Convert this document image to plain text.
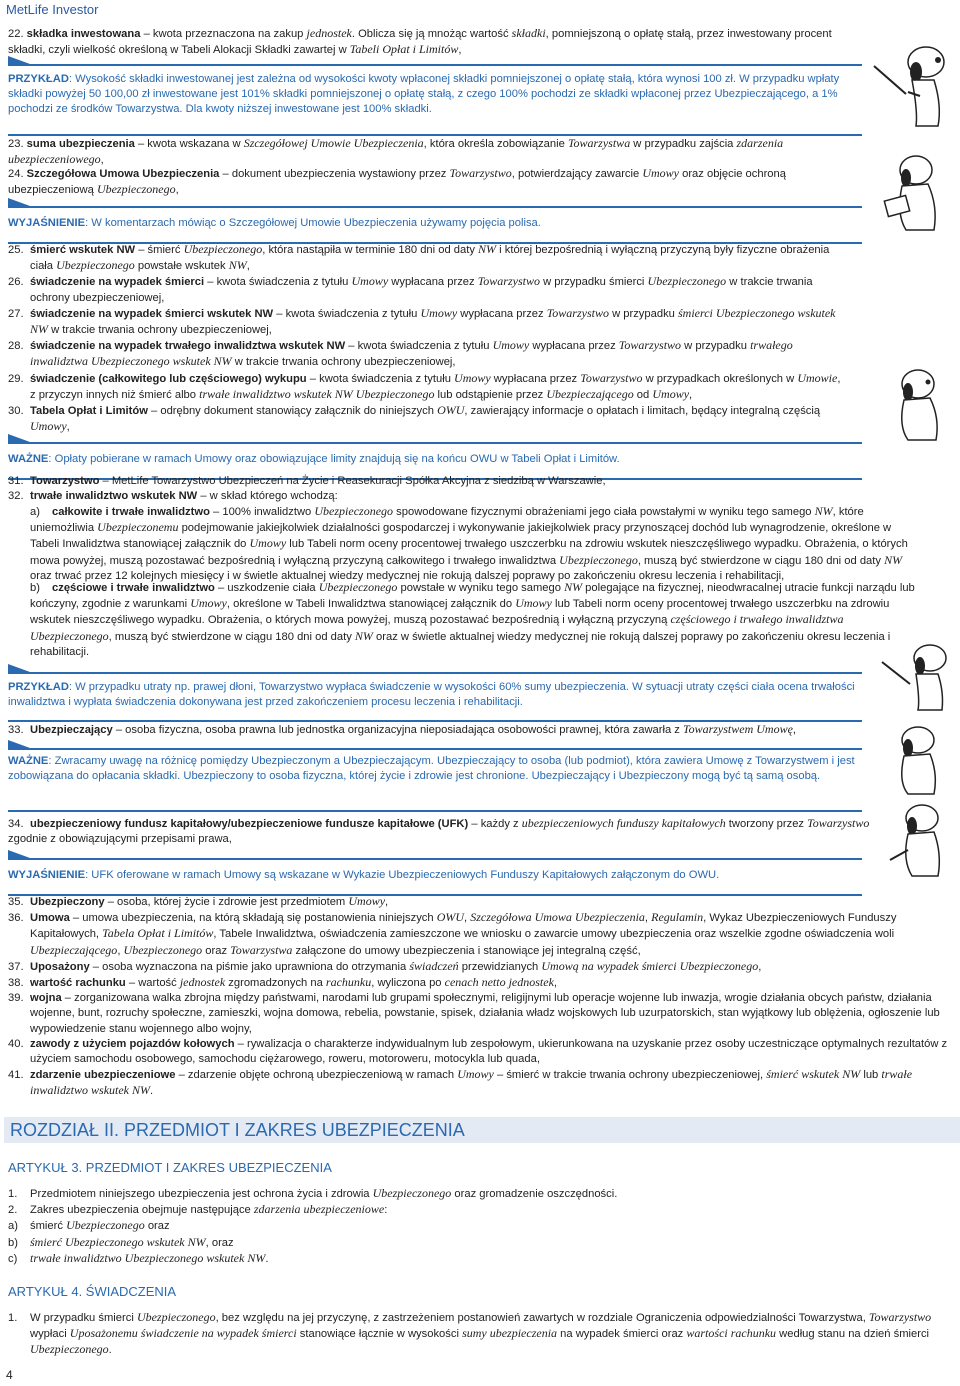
MetLife Investor
22. składka inwestowana – kwota przeznaczona na zakup jednostek. Oblicza się ją mnożąc wartość składki, pomniejszoną o opłatę stałą, przez inwestowany procent składki, czyli wielkość określoną w Tabeli Alokacji Składki zawartej w Tabeli Opłat i Limitów,
PRZYKŁAD: Wysokość składki inwestowanej jest zależna od wysokości kwoty wpłaconej składki pomniejszonej o opłatę stałą, która wynosi 100 zł. W przypadku wpłaty składki powyżej 50 100,00 zł inwestowane jest 101% składki pomniejszonej o opłatę stałą, z czego 100% pochodzi ze składki wpłaconej przez Ubezpieczającego, a 1% pochodzi ze środków Towarzystwa. Dla kwoty niższej inwestowane jest 100% składki.
23. suma ubezpieczenia – kwota wskazana w Szczegółowej Umowie Ubezpieczenia, która określa zobowiązanie Towarzystwa w przypadku zajścia zdarzenia ubezpieczeniowego,
24. Szczegółowa Umowa Ubezpieczenia – dokument ubezpieczenia wystawiony przez Towarzystwo, potwierdzający zawarcie Umowy oraz objęcie ochroną ubezpieczeniową Ubezpieczonego,
WYJAŚNIENIE: W komentarzach mówiąc o Szczegółowej Umowie Ubezpieczenia używamy pojęcia polisa.
25. śmierć wskutek NW – śmierć Ubezpieczonego, która nastąpiła w terminie 180 dni od daty NW i której bezpośrednią i wyłączną przyczyną były fizyczne obrażenia ciała Ubezpieczonego powstałe wskutek NW,
26. świadczenie na wypadek śmierci – kwota świadczenia z tytułu Umowy wypłacana przez Towarzystwo w przypadku śmierci Ubezpieczonego w trakcie trwania ochrony ubezpieczeniowej,
27. świadczenie na wypadek śmierci wskutek NW – kwota świadczenia z tytułu Umowy wypłacana przez Towarzystwo w przypadku śmierci Ubezpieczonego wskutek NW w trakcie trwania ochrony ubezpieczeniowej,
28. świadczenie na wypadek trwałego inwalidztwa wskutek NW – kwota świadczenia z tytułu Umowy wypłacana przez Towarzystwo w przypadku trwałego inwalidztwa Ubezpieczonego wskutek NW w trakcie trwania ochrony ubezpieczeniowej,
29. świadczenie (całkowitego lub częściowego) wykupu – kwota świadczenia z tytułu Umowy wypłacana przez Towarzystwo w przypadkach określonych w Umowie, z przyczyn innych niż śmierć albo trwałe inwalidztwo wskutek NW Ubezpieczonego lub odstąpienie przez Ubezpieczającego od Umowy,
30. Tabela Opłat i Limitów – odrębny dokument stanowiący załącznik do niniejszych OWU, zawierający informacje o opłatach i limitach, będący integralną częścią Umowy,
WAŻNE: Opłaty pobierane w ramach Umowy oraz obowiązujące limity znajdują się na końcu OWU w Tabeli Opłat i Limitów.
31. Towarzystwo – MetLife Towarzystwo Ubezpieczeń na Życie i Reasekuracji Spółka Akcyjna z siedzibą w Warszawie,
32. trwałe inwalidztwo wskutek NW – w skład którego wchodzą:
a) całkowite i trwałe inwalidztwo – 100% inwalidztwo Ubezpieczonego spowodowane fizycznymi obrażeniami jego ciała powstałymi w wyniku tego samego NW, które uniemożliwia Ubezpieczonemu podejmowanie jakiejkolwiek działalności gospodarczej i wykonywanie jakiejkolwiek pracy przynoszącej dochód lub wynagrodzenie, określone w Tabeli Inwalidztwa stanowiącej załącznik do Umowy lub Tabeli norm oceny procentowej trwałego uszczerbku na zdrowiu wskutek nieszczęśliwego wypadku. Obrażenia, o których mowa powyżej, muszą pozostawać bezpośrednią i wyłączną przyczyną całkowitego i trwałego inwalidztwa Ubezpieczonego, muszą być stwierdzone w ciągu 180 dni od daty NW oraz trwać przez 12 kolejnych miesięcy i w świetle aktualnej wiedzy medycznej nie rokują dalszej poprawy po zakończeniu okresu leczenia i rehabilitacji,
b) częściowe i trwałe inwalidztwo – uszkodzenie ciała Ubezpieczonego powstałe w wyniku tego samego NW polegające na fizycznej, nieodwracalnej utracie funkcji narządu lub kończyny, zgodnie z warunkami Umowy, określone w Tabeli Inwalidztwa stanowiącej załącznik do Umowy lub Tabeli norm oceny procentowej trwałego uszczerbku na zdrowiu wskutek nieszczęśliwego wypadku. Obrażenia, o których mowa powyżej, muszą pozostawać bezpośrednią i wyłączną przyczyną częściowego i trwałego inwalidztwa Ubezpieczonego, muszą być stwierdzone w ciągu 180 dni od daty NW oraz w świetle aktualnej wiedzy medycznej nie rokują dalszej poprawy po zakończeniu okresu leczenia i rehabilitacji.
PRZYKŁAD: W przypadku utraty np. prawej dłoni, Towarzystwo wypłaca świadczenie w wysokości 60% sumy ubezpieczenia. W sytuacji utraty części ciała ocena trwałości inwalidztwa i wypłata świadczenia dokonywana jest przed zakończeniem procesu leczenia i rehabilitacji.
33. Ubezpieczający – osoba fizyczna, osoba prawna lub jednostka organizacyjna nieposiadająca osobowości prawnej, która zawarła z Towarzystwem Umowę,
WAŻNE: Zwracamy uwagę na różnicę pomiędzy Ubezpieczonym a Ubezpieczającym. Ubezpieczający to osoba (lub podmiot), która zawiera Umowę z Towarzystwem i jest zobowiązana do opłacania składki. Ubezpieczony to osoba fizyczna, której życie i zdrowie jest chronione. Ubezpieczający i Ubezpieczony mogą być tą samą osobą.
34. ubezpieczeniowy fundusz kapitałowy/ubezpieczeniowe fundusze kapitałowe (UFK) – każdy z ubezpieczeniowych funduszy kapitałowych tworzony przez Towarzystwo zgodnie z obowiązującymi przepisami prawa,
WYJAŚNIENIE: UFK oferowane w ramach Umowy są wskazane w Wykazie Ubezpieczeniowych Funduszy Kapitałowych załączonym do OWU.
35. Ubezpieczony – osoba, której życie i zdrowie jest przedmiotem Umowy,
36. Umowa – umowa ubezpieczenia, na którą składają się postanowienia niniejszych OWU, Szczegółowa Umowa Ubezpieczenia, Regulamin, Wykaz Ubezpieczeniowych Funduszy Kapitałowych, Tabela Opłat i Limitów, Tabele Inwalidztwa, oświadczenia zamieszczone we wniosku o zawarcie umowy ubezpieczenia oraz wszelkie zgodne oświadczenia woli Ubezpieczającego, Ubezpieczonego oraz Towarzystwa załączone do umowy ubezpieczenia i stanowiące jej integralną część,
37. Uposażony – osoba wyznaczona na piśmie jako uprawniona do otrzymania świadczeń przewidzianych Umową na wypadek śmierci Ubezpieczonego,
38. wartość rachunku – wartość jednostek zgromadzonych na rachunku, wyliczona po cenach netto jednostek,
39. wojna – zorganizowana walka zbrojna między państwami, narodami lub grupami społecznymi, religijnymi lub operacje wojenne lub inwazja, wrogie działania obcych państw, działania wojenne, bunt, rozruchy społeczne, zamieszki, wojna domowa, rebelia, powstanie, spisek, działania władz wojskowych lub uzurpatorskich, stan wyjątkowy lub oblężenia, ogłoszenie lub wypowiedzenie stanu wojennego albo wojny,
40. zawody z użyciem pojazdów kołowych – rywalizacja o charakterze indywidualnym lub zespołowym, ukierunkowana na uzyskanie przez osoby uczestniczące optymalnych rezultatów z użyciem samochodu osobowego, samochodu ciężarowego, roweru, motoroweru, motocykla lub quada,
41. zdarzenie ubezpieczeniowe – zdarzenie objęte ochroną ubezpieczeniową w ramach Umowy – śmierć w trakcie trwania ochrony ubezpieczeniowej, śmierć wskutek NW lub trwałe inwalidztwo wskutek NW.
ROZDZIAŁ II. PRZEDMIOT I ZAKRES UBEZPIECZENIA
ARTYKUŁ 3. PRZEDMIOT I ZAKRES UBEZPIECZENIA
1. Przedmiotem niniejszego ubezpieczenia jest ochrona życia i zdrowia Ubezpieczonego oraz gromadzenie oszczędności.
2. Zakres ubezpieczenia obejmuje następujące zdarzenia ubezpieczeniowe:
a) śmierć Ubezpieczonego oraz
b) śmierć Ubezpieczonego wskutek NW, oraz
c) trwałe inwalidztwo Ubezpieczonego wskutek NW.
ARTYKUŁ 4. ŚWIADCZENIA
1. W przypadku śmierci Ubezpieczonego, bez względu na jej przyczynę, z zastrzeżeniem postanowień zawartych w rozdziale Ograniczenia odpowiedzialności Towarzystwa, Towarzystwo wypłaci Uposażonemu świadczenie na wypadek śmierci stanowiące łącznie w wysokości sumy ubezpieczenia na wypadek śmierci oraz wartości rachunku według stanu na dzień śmierci Ubezpieczonego.
4
